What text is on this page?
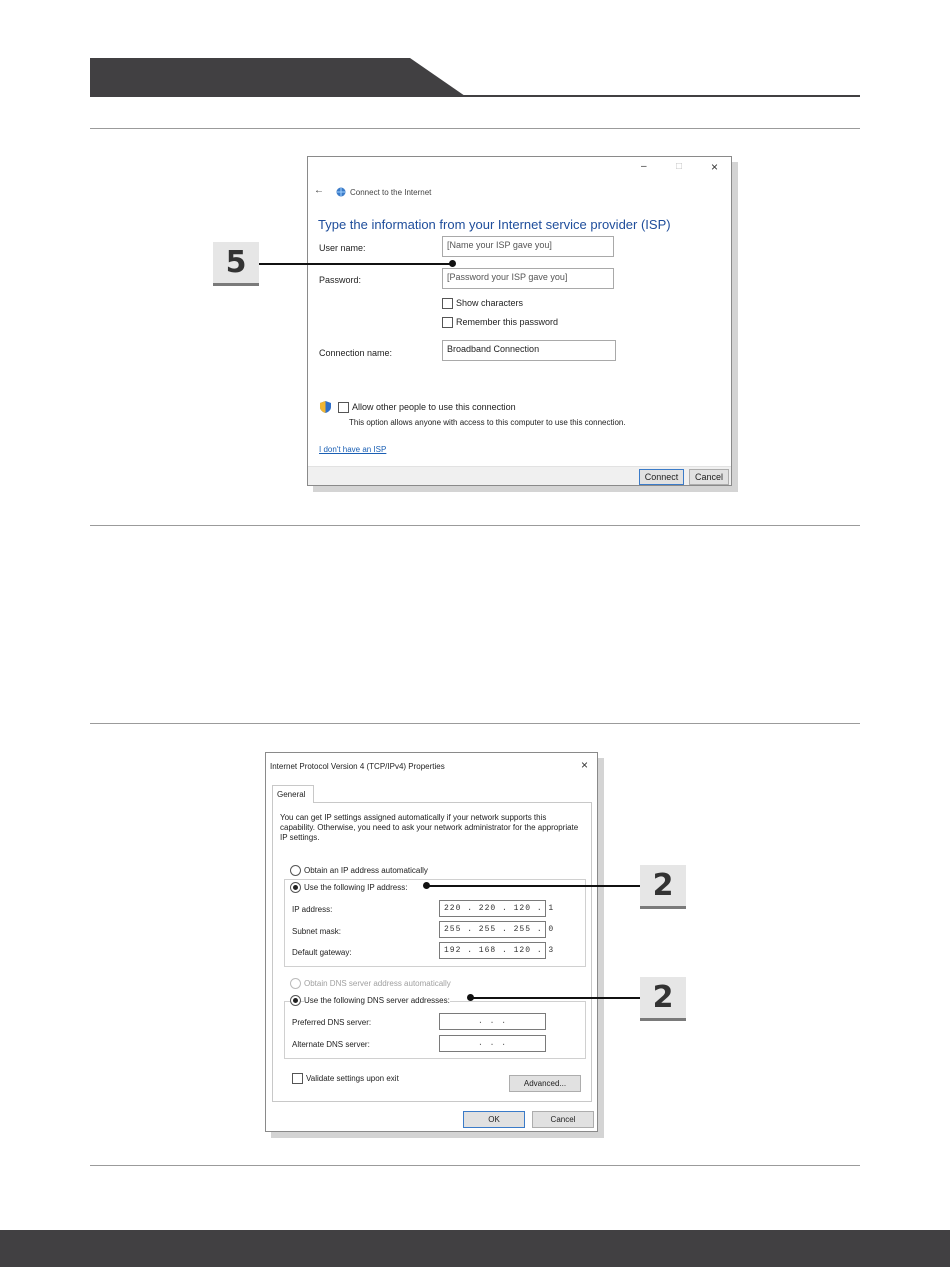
–	□ ×
←	Connect to the Internet
Type the information from your Internet service provider (ISP)
User name:	[Name your ISP gave you]
Password:	[Password your ISP gave you]
Show characters
Remember this password
Connection name:	Broadband Connection
Allow other people to use this connection
This option allows anyone with access to this computer to use this connection.
I don't have an ISP
Connect	Cancel
5
Internet Protocol Version 4 (TCP/IPv4) Properties	×
General
You can get IP settings assigned automatically if your network supports this capability. Otherwise, you need to ask your network administrator for the appropriate IP settings.
Obtain an IP address automatically
Use the following IP address:
IP address:	220 . 220 . 120 . 1
Subnet mask:	255 . 255 . 255 . 0
Default gateway:	192 . 168 . 120 . 3
Obtain DNS server address automatically
Use the following DNS server addresses:
Preferred DNS server:	. . .
Alternate DNS server:	. . .
Validate settings upon exit
Advanced...
OK	Cancel
2
2
